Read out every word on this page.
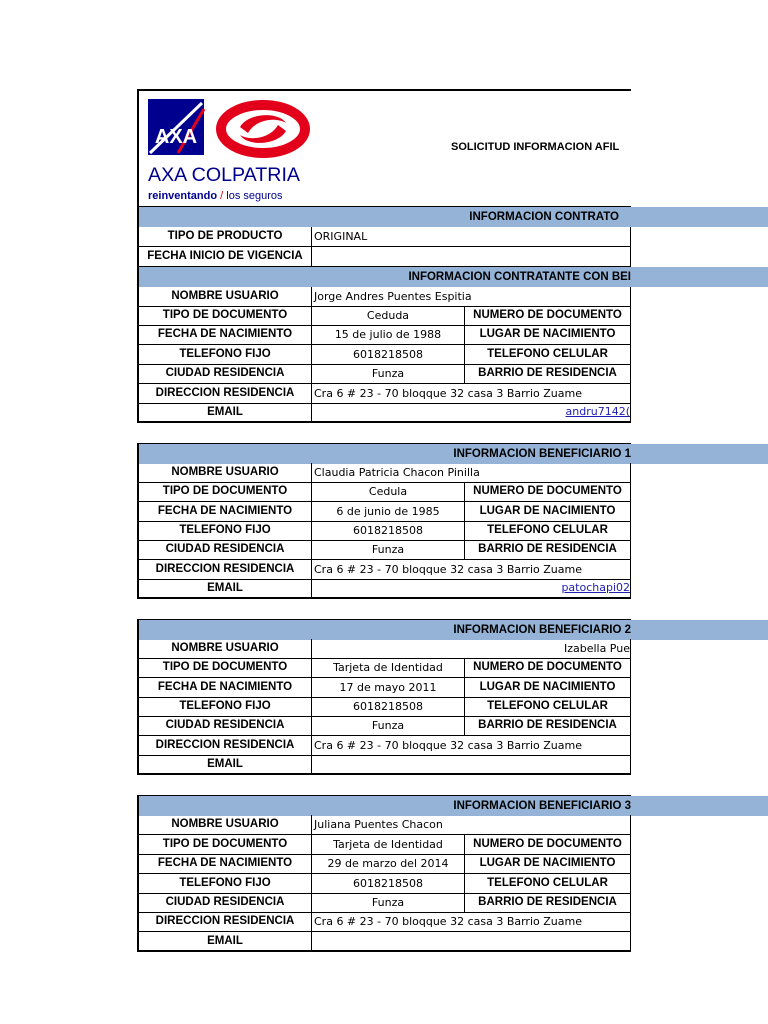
AXA
AXA COLPATRIA
reinventando / los seguros
SOLICITUD INFORMACION AFIL
INFORMACION CONTRATO
TIPO DE PRODUCTO	ORIGINAL
FECHA INICIO DE VIGENCIA
INFORMACION CONTRATANTE CON BEI
NOMBRE USUARIO	Jorge Andres Puentes Espitia
TIPO DE DOCUMENTO	Ceduda	NUMERO DE DOCUMENTO
FECHA DE NACIMIENTO	15 de julio de 1988	LUGAR DE NACIMIENTO
TELEFONO FIJO	6018218508	TELEFONO CELULAR
CIUDAD RESIDENCIA	Funza	BARRIO DE RESIDENCIA
DIRECCION RESIDENCIA	Cra 6 # 23 - 70 bloqque 32 casa 3 Barrio Zuame
EMAIL	andru7142(
INFORMACION BENEFICIARIO 1
NOMBRE USUARIO	Claudia Patricia Chacon Pinilla
TIPO DE DOCUMENTO	Cedula	NUMERO DE DOCUMENTO
FECHA DE NACIMIENTO	6 de junio de 1985	LUGAR DE NACIMIENTO
TELEFONO FIJO	6018218508	TELEFONO CELULAR
CIUDAD RESIDENCIA	Funza	BARRIO DE RESIDENCIA
DIRECCION RESIDENCIA	Cra 6 # 23 - 70 bloqque 32 casa 3 Barrio Zuame
EMAIL	patochapi02
INFORMACION BENEFICIARIO 2
NOMBRE USUARIO	Izabella Pue
TIPO DE DOCUMENTO	Tarjeta de Identidad	NUMERO DE DOCUMENTO
FECHA DE NACIMIENTO	17 de mayo 2011	LUGAR DE NACIMIENTO
TELEFONO FIJO	6018218508	TELEFONO CELULAR
CIUDAD RESIDENCIA	Funza	BARRIO DE RESIDENCIA
DIRECCION RESIDENCIA	Cra 6 # 23 - 70 bloqque 32 casa 3 Barrio Zuame
EMAIL
INFORMACION BENEFICIARIO 3
NOMBRE USUARIO	Juliana Puentes Chacon
TIPO DE DOCUMENTO	Tarjeta de Identidad	NUMERO DE DOCUMENTO
FECHA DE NACIMIENTO	29 de marzo del 2014	LUGAR DE NACIMIENTO
TELEFONO FIJO	6018218508	TELEFONO CELULAR
CIUDAD RESIDENCIA	Funza	BARRIO DE RESIDENCIA
DIRECCION RESIDENCIA	Cra 6 # 23 - 70 bloqque 32 casa 3 Barrio Zuame
EMAIL
